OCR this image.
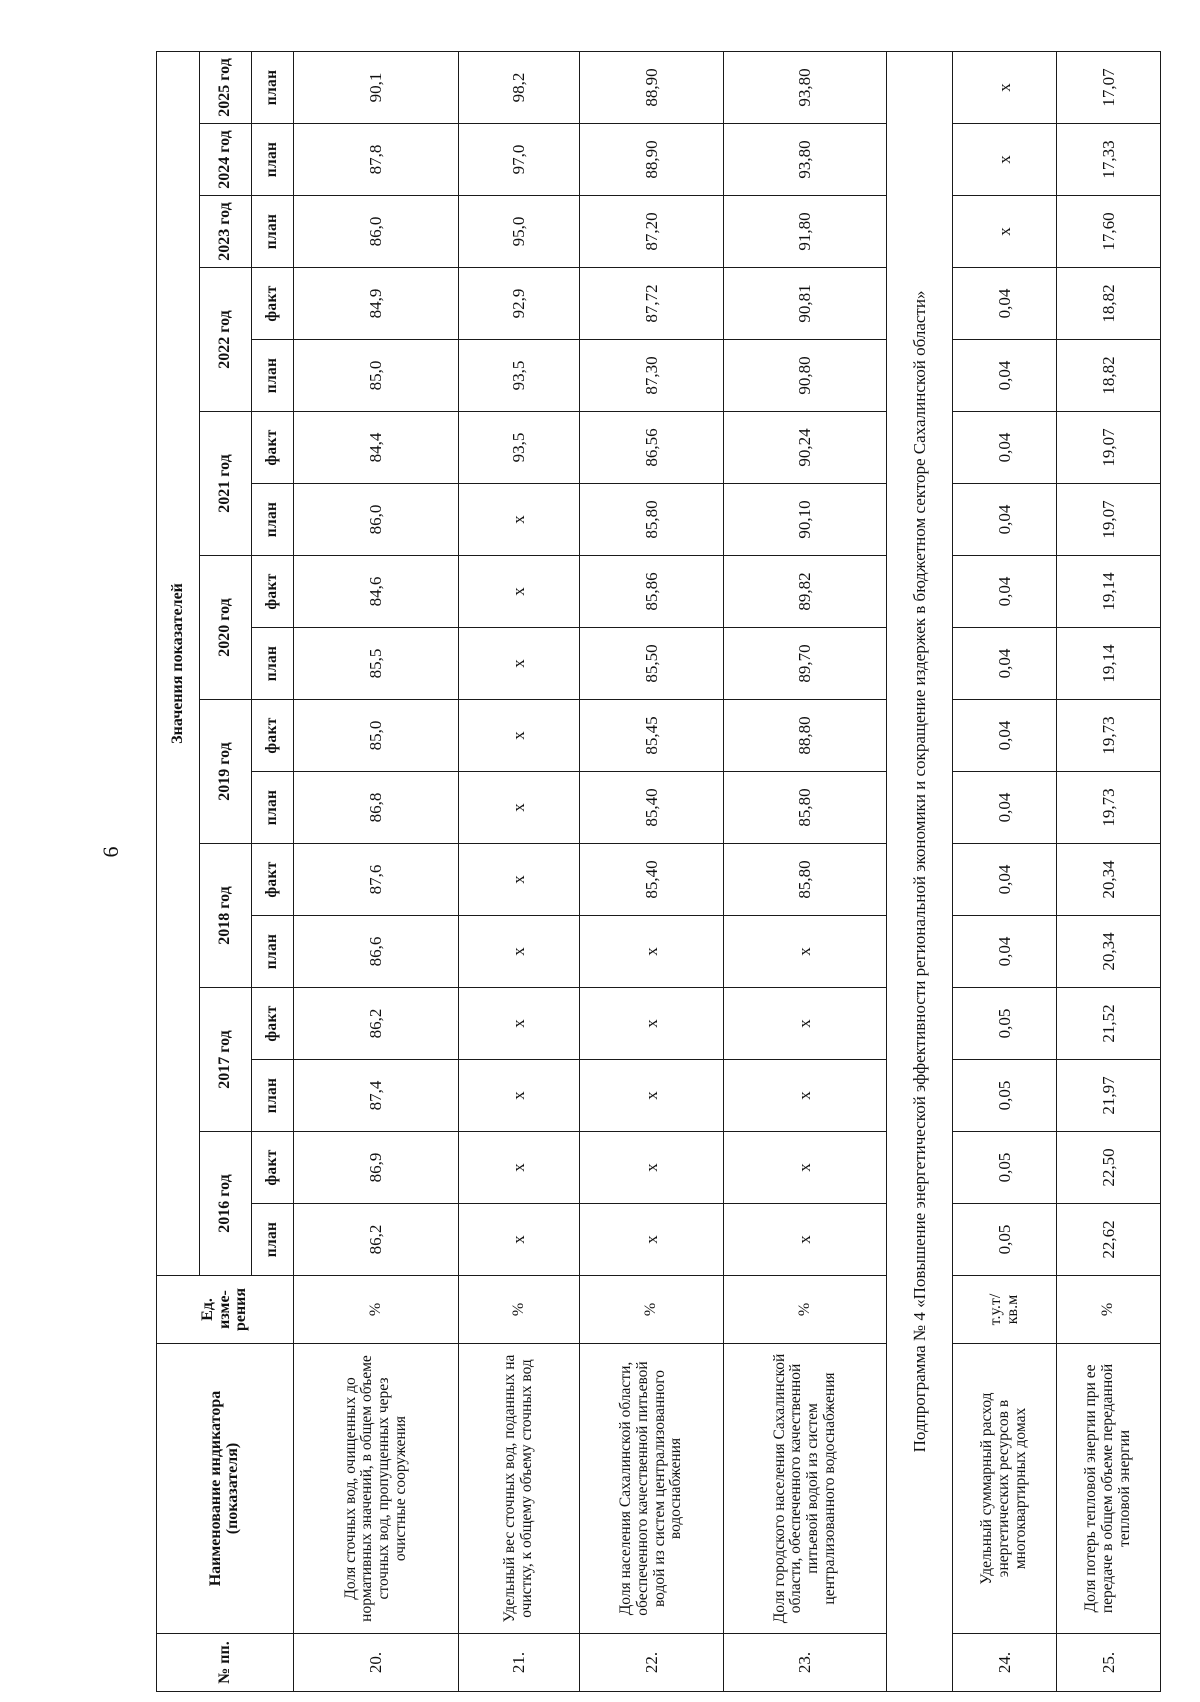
6
№ пп.	Наименование индикатора (показателя)	Ед. изме-рения	Значения показателей																
			2016 год		2017 год		2018 год		2019 год		2020 год		2021 год		2022 год		2023 год	2024 год	2025 год
			план	факт	план	факт	план	факт	план	факт	план	факт	план	факт	план	факт	план	план	план
20.	Доля сточных вод, очищенных до нормативных значений, в общем объеме сточных вод, пропущенных через очистные сооружения	%	86,2	86,9	87,4	86,2	86,6	87,6	86,8	85,0	85,5	84,6	86,0	84,4	85,0	84,9	86,0	87,8	90,1
21.	Удельный вес сточных вод, поданных на очистку, к общему объему сточных вод	%	x	x	x	x	x	x	x	x	x	x	x	93,5	93,5	92,9	95,0	97,0	98,2
22.	Доля населения Сахалинской области, обеспеченного качественной питьевой водой из систем централизованного водоснабжения	%	x	x	x	x	x	85,40	85,40	85,45	85,50	85,86	85,80	86,56	87,30	87,72	87,20	88,90	88,90
23.	Доля городского населения Сахалинской области, обеспеченного качественной питьевой водой из систем централизованного водоснабжения	%	x	x	x	x	x	85,80	85,80	88,80	89,70	89,82	90,10	90,24	90,80	90,81	91,80	93,80	93,80
Подпрограмма № 4 «Повышение энергетической эффективности региональной экономики и сокращение издержек в бюджетном секторе Сахалинской области»																			
24.	Удельный суммарный расход энергетических ресурсов в многоквартирных домах	т.у.т/ кв.м	0,05	0,05	0,05	0,05	0,04	0,04	0,04	0,04	0,04	0,04	0,04	0,04	0,04	0,04	x	x	x
25.	Доля потерь тепловой энергии при ее передаче в общем объеме переданной тепловой энергии	%	22,62	22,50	21,97	21,52	20,34	20,34	19,73	19,73	19,14	19,14	19,07	19,07	18,82	18,82	17,60	17,33	17,07
